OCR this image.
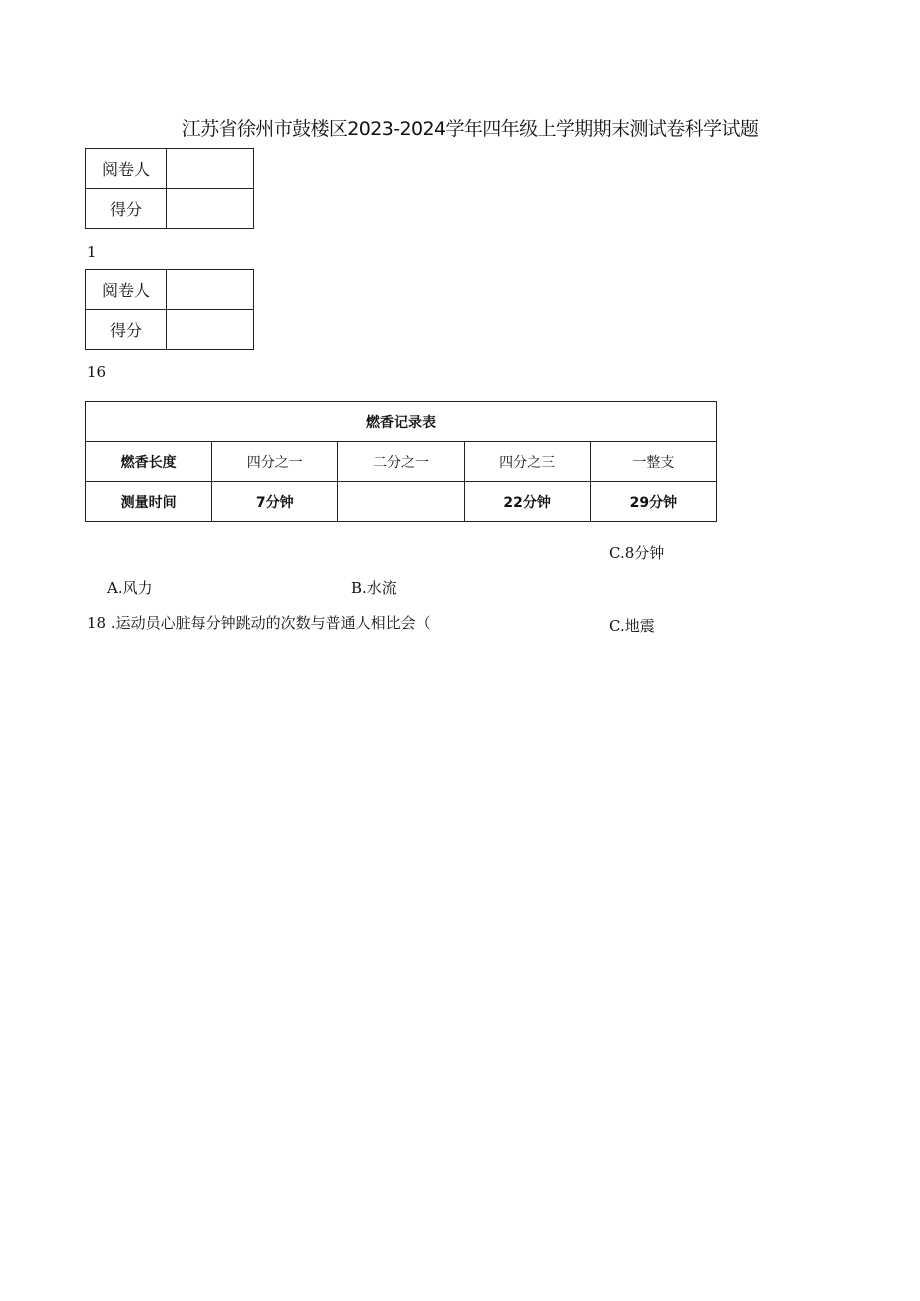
江苏省徐州市鼓楼区2023-2024学年四年级上学期期末测试卷科学试题
阅卷人	
得分	
1
阅卷人	
得分	
16
燃香记录表				
燃香长度	四分之一	二分之一	四分之三	一整支
测量时间	7分钟		22分钟	29分钟
C.8分钟
A.风力	B.水流
18 .运动员心脏每分钟跳动的次数与普通人相比会（	C.地震
